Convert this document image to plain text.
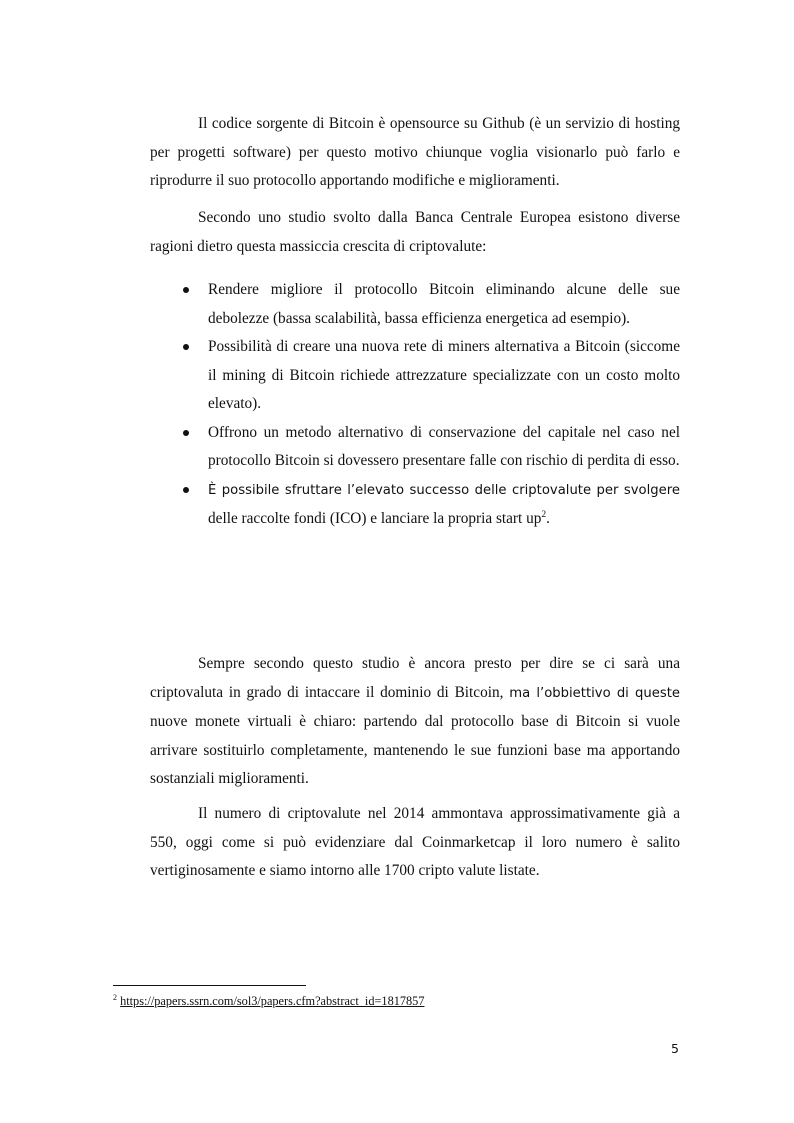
Il codice sorgente di Bitcoin è opensource su Github (è un servizio di hosting per progetti software) per questo motivo chiunque voglia visionarlo può farlo e riprodurre il suo protocollo apportando modifiche e miglioramenti.

Secondo uno studio svolto dalla Banca Centrale Europea esistono diverse ragioni dietro questa massiccia crescita di criptovalute:

Rendere migliore il protocollo Bitcoin eliminando alcune delle sue debolezze (bassa scalabilità, bassa efficienza energetica ad esempio).
Possibilità di creare una nuova rete di miners alternativa a Bitcoin (siccome il mining di Bitcoin richiede attrezzature specializzate con un costo molto elevato).
Offrono un metodo alternativo di conservazione del capitale nel caso nel protocollo Bitcoin si dovessero presentare falle con rischio di perdita di esso.
È possibile sfruttare l’elevato successo delle criptovalute per svolgere delle raccolte fondi (ICO) e lanciare la propria start $up^2$.

Sempre secondo questo studio è ancora presto per dire se ci sarà una criptovaluta in grado di intaccare il dominio di Bitcoin, ma l’obbiettivo di queste nuove monete virtuali è chiaro: partendo dal protocollo base di Bitcoin si vuole arrivare sostituirlo completamente, mantenendo le sue funzioni base ma apportando sostanziali miglioramenti.

Il numero di criptovalute nel 2014 ammontava approssimativamente già a 550, oggi come si può evidenziare dal Coinmarketcap il loro numero è salito vertiginosamente e siamo intorno alle 1700 cripto valute listate.

$^2$ https://papers.ssrn.com/sol3/papers.cfm?abstract_id=1817857
5
